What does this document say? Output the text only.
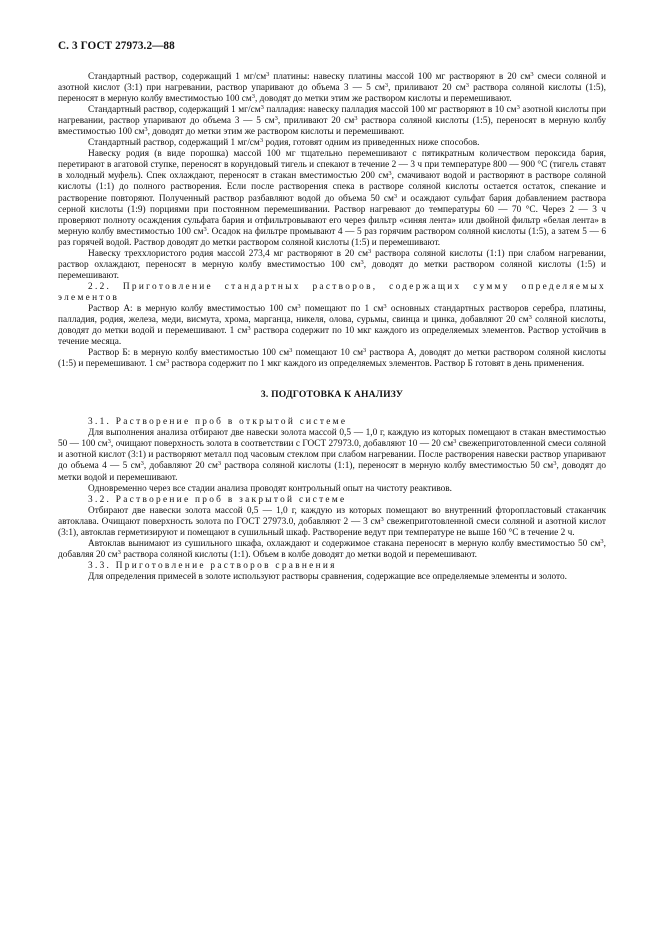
С. 3 ГОСТ 27973.2—88

Стандартный раствор, содержащий 1 $мг/см^3$ платины: навеску платины массой 100 мг растворяют в 20 $см^3$ смеси соляной и азотной кислот (3:1) при нагревании, раствор упаривают до объема 3 — 5 $см^3$, приливают 20 $см^3$ раствора соляной кислоты (1:5), переносят в мерную колбу вместимостью 100 $см^3$, доводят до метки этим же раствором кислоты и перемешивают.

Стандартный раствор, содержащий 1 $мг/см^3$ палладия: навеску палладия массой 100 мг растворяют в 10 $см^3$ азотной кислоты при нагревании, раствор упаривают до объема 3 — 5 $см^3$, приливают 20 $см^3$ раствора соляной кислоты (1:5), переносят в мерную колбу вместимостью 100 $см^3$, доводят до метки этим же раствором кислоты и перемешивают.

Стандартный раствор, содержащий 1 $мг/см^3$ родия, готовят одним из приведенных ниже способов.

Навеску родия (в виде порошка) массой 100 мг тщательно перемешивают с пятикратным количеством пероксида бария, перетирают в агатовой ступке, переносят в корундовый тигель и спекают в течение 2 — 3 ч при температуре 800 — 900 °С (тигель ставят в холодный муфель). Спек охлаждают, переносят в стакан вместимостью 200 $см^3$, смачивают водой и растворяют в растворе соляной кислоты (1:1) до полного растворения. Если после растворения спека в растворе соляной кислоты остается остаток, спекание и растворение повторяют. Полученный раствор разбавляют водой до объема 50 $см^3$ и осаждают сульфат бария добавлением раствора серной кислоты (1:9) порциями при постоянном перемешивании. Раствор нагревают до температуры 60 — 70 °С. Через 2 — 3 ч проверяют полноту осаждения сульфата бария и отфильтровывают его через фильтр «синяя лента» или двойной фильтр «белая лента» в мерную колбу вместимостью 100 $см^3$. Осадок на фильтре промывают 4 — 5 раз горячим раствором соляной кислоты (1:5), а затем 5 — 6 раз горячей водой. Раствор доводят до метки раствором соляной кислоты (1:5) и перемешивают.

Навеску треххлористого родия массой 273,4 мг растворяют в 20 $см^3$ раствора соляной кислоты (1:1) при слабом нагревании, раствор охлаждают, переносят в мерную колбу вместимостью 100 $см^3$, доводят до метки раствором соляной кислоты (1:5) и перемешивают.

2.2. Приготовление стандартных растворов, содержащих сумму определяемых элементов

Раствор А: в мерную колбу вместимостью 100 $см^3$ помещают по 1 $см^3$ основных стандартных растворов серебра, платины, палладия, родия, железа, меди, висмута, хрома, марганца, никеля, олова, сурьмы, свинца и цинка, добавляют 20 $см^3$ соляной кислоты, доводят до метки водой и перемешивают. 1 $см^3$ раствора содержит по 10 мкг каждого из определяемых элементов. Раствор устойчив в течение месяца.

Раствор Б: в мерную колбу вместимостью 100 $см^3$ помещают 10 $см^3$ раствора А, доводят до метки раствором соляной кислоты (1:5) и перемешивают. 1 $см^3$ раствора содержит по 1 мкг каждого из определяемых элементов. Раствор Б готовят в день применения.

3. ПОДГОТОВКА К АНАЛИЗУ

3.1. Растворение проб в открытой системе

Для выполнения анализа отбирают две навески золота массой 0,5 — 1,0 г, каждую из которых помещают в стакан вместимостью 50 — 100 $см^3$, очищают поверхность золота в соответствии с ГОСТ 27973.0, добавляют 10 — 20 $см^3$ свежеприготовленной смеси соляной и азотной кислот (3:1) и растворяют металл под часовым стеклом при слабом нагревании. После растворения навески раствор упаривают до объема 4 — 5 $см^3$, добавляют 20 $см^3$ раствора соляной кислоты (1:1), переносят в мерную колбу вместимостью 50 $см^3$, доводят до метки водой и перемешивают.

Одновременно через все стадии анализа проводят контрольный опыт на чистоту реактивов.

3.2. Растворение проб в закрытой системе

Отбирают две навески золота массой 0,5 — 1,0 г, каждую из которых помещают во внутренний фторопластовый стаканчик автоклава. Очищают поверхность золота по ГОСТ 27973.0, добавляют 2 — 3 $см^3$ свежеприготовленной смеси соляной и азотной кислот (3:1), автоклав герметизируют и помещают в сушильный шкаф. Растворение ведут при температуре не выше 160 °С в течение 2 ч.

Автоклав вынимают из сушильного шкафа, охлаждают и содержимое стакана переносят в мерную колбу вместимостью 50 $см^3$, добавляя 20 $см^3$ раствора соляной кислоты (1:1). Объем в колбе доводят до метки водой и перемешивают.

3.3. Приготовление растворов сравнения

Для определения примесей в золоте используют растворы сравнения, содержащие все определяемые элементы и золото.
